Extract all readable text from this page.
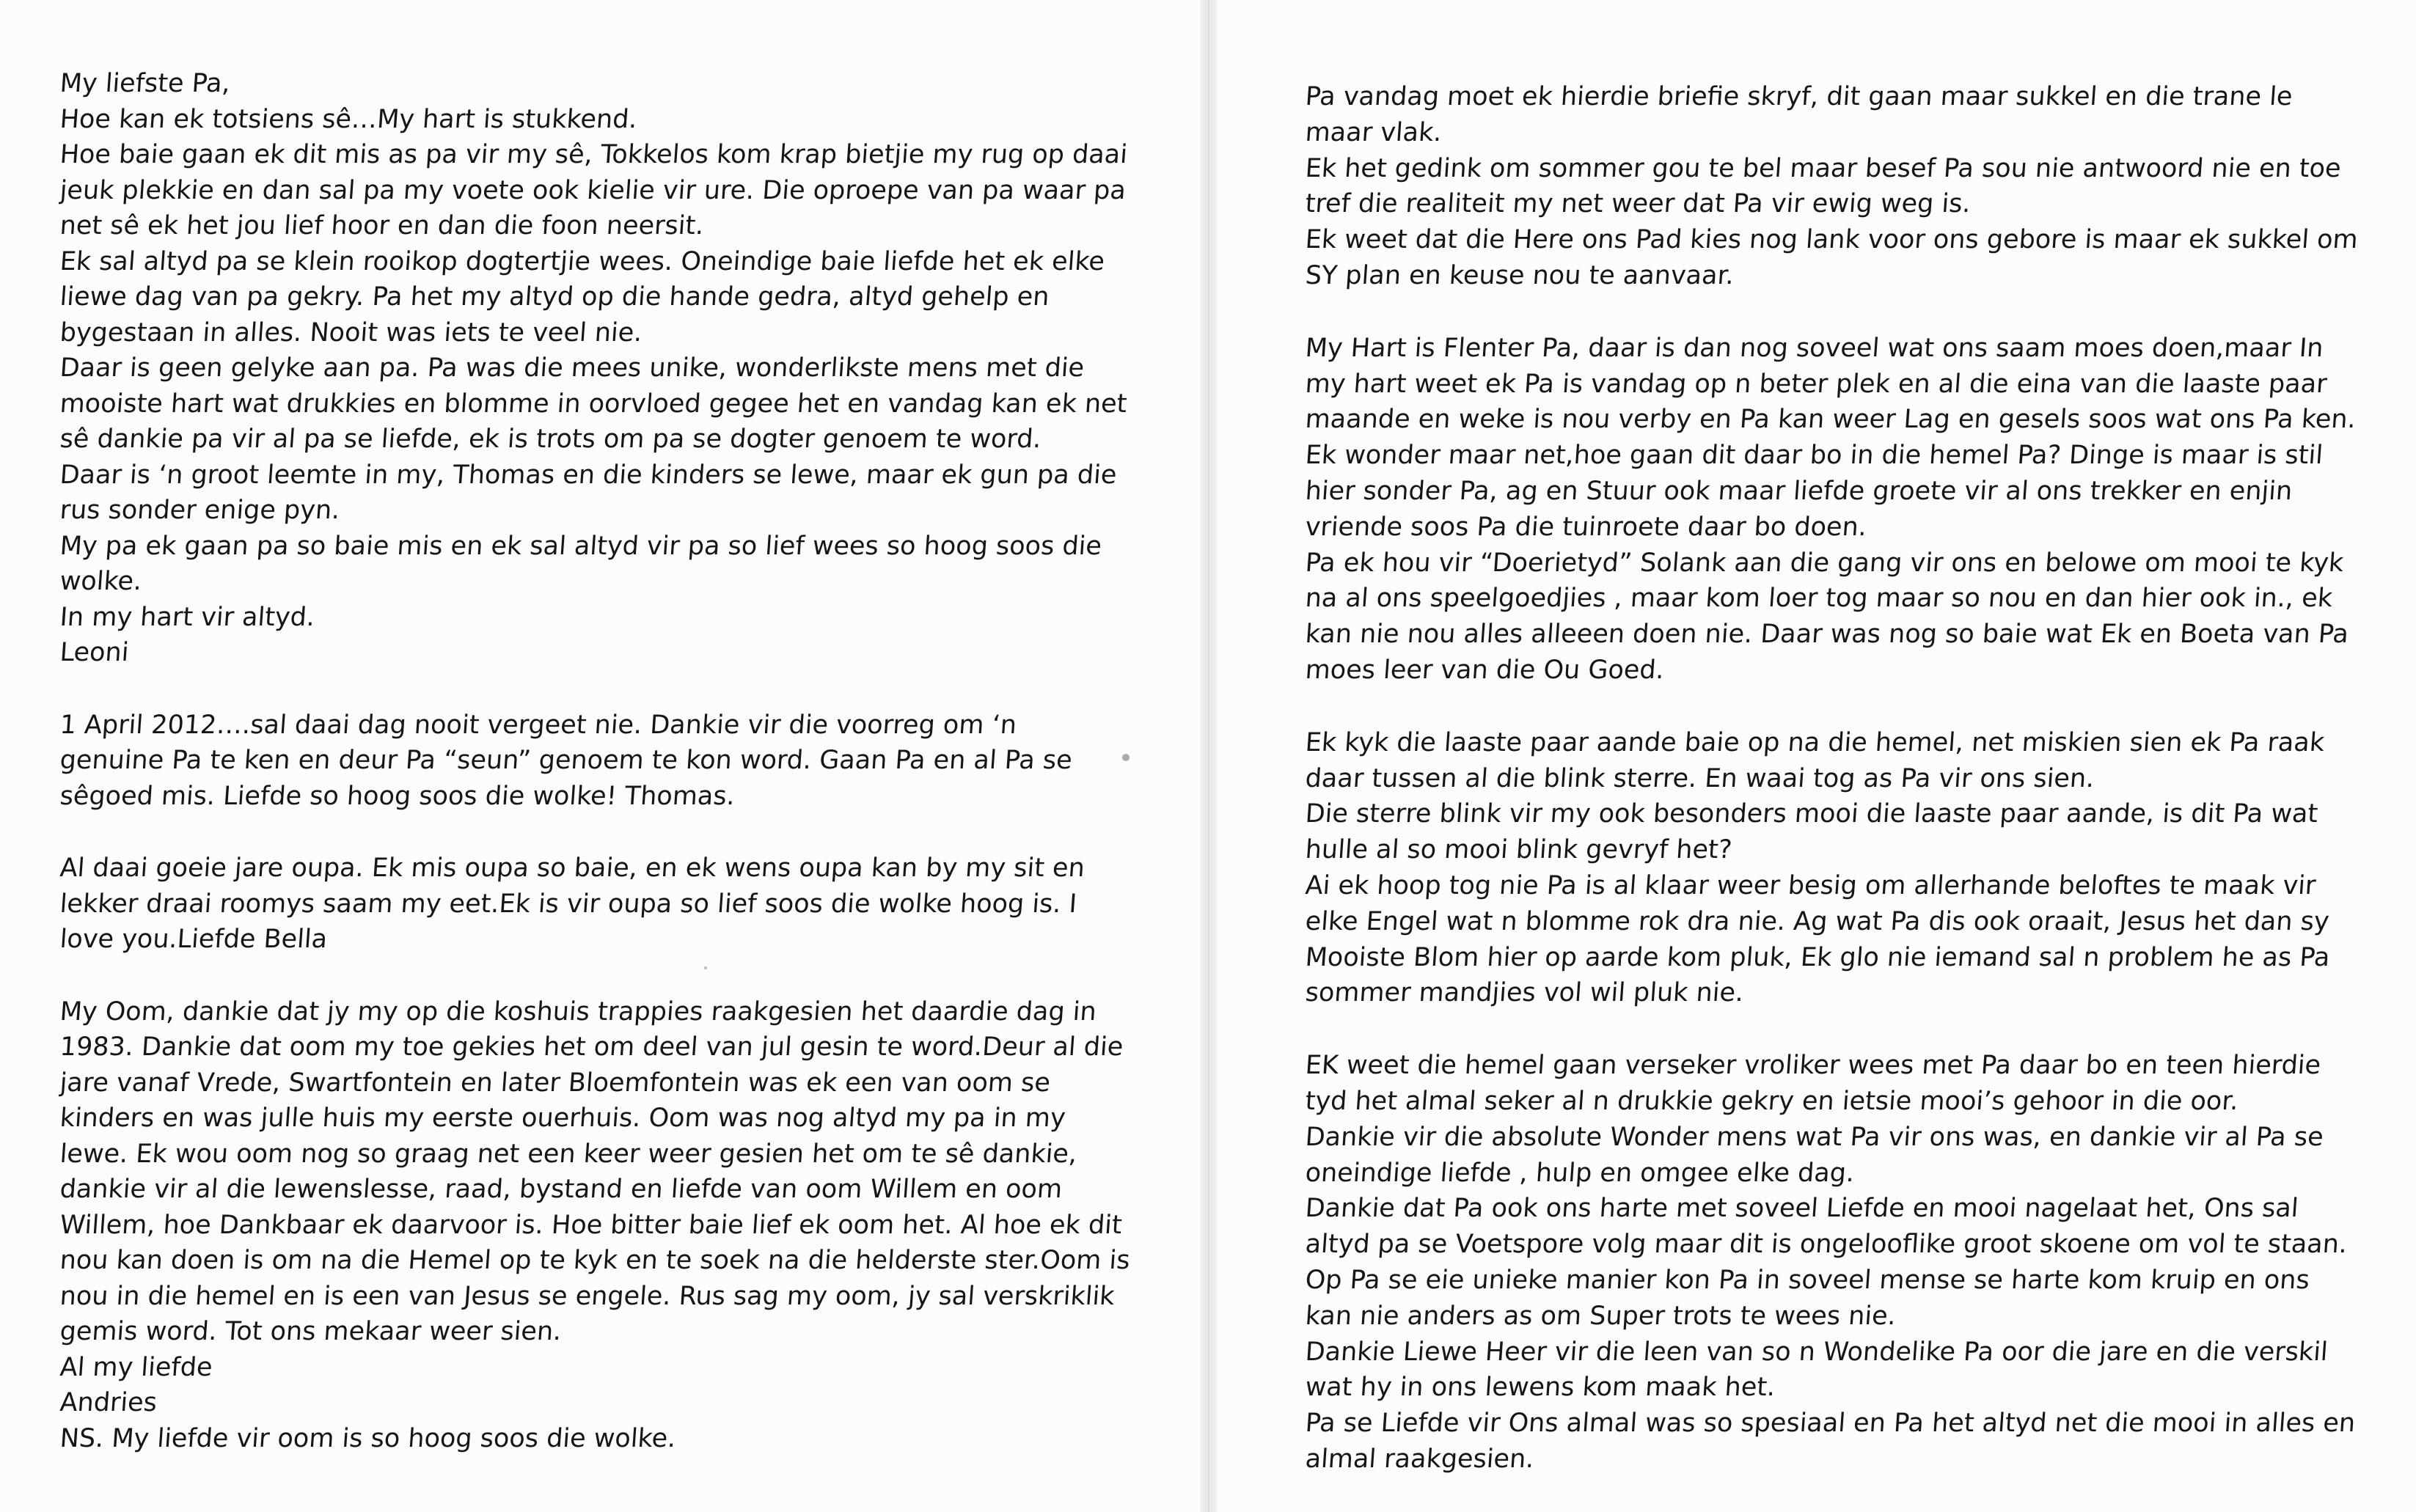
My liefste Pa,
Hoe kan ek totsiens sê…My hart is stukkend.
Hoe baie gaan ek dit mis as pa vir my sê, Tokkelos kom krap bietjie my rug op daai
jeuk plekkie en dan sal pa my voete ook kielie vir ure. Die oproepe van pa waar pa
net sê ek het jou lief hoor en dan die foon neersit.
Ek sal altyd pa se klein rooikop dogtertjie wees. Oneindige baie liefde het ek elke
liewe dag van pa gekry. Pa het my altyd op die hande gedra, altyd gehelp en
bygestaan in alles. Nooit was iets te veel nie.
Daar is geen gelyke aan pa. Pa was die mees unike, wonderlikste mens met die
mooiste hart wat drukkies en blomme in oorvloed gegee het en vandag kan ek net
sê dankie pa vir al pa se liefde, ek is trots om pa se dogter genoem te word.
Daar is ‘n groot leemte in my, Thomas en die kinders se lewe, maar ek gun pa die
rus sonder enige pyn.
My pa ek gaan pa so baie mis en ek sal altyd vir pa so lief wees so hoog soos die
wolke.
In my hart vir altyd.
Leoni
1 April 2012….sal daai dag nooit vergeet nie. Dankie vir die voorreg om ‘n
genuine Pa te ken en deur Pa “seun” genoem te kon word. Gaan Pa en al Pa se
sêgoed mis. Liefde so hoog soos die wolke! Thomas.
Al daai goeie jare oupa. Ek mis oupa so baie, en ek wens oupa kan by my sit en
lekker draai roomys saam my eet.Ek is vir oupa so lief soos die wolke hoog is. I
love you.Liefde Bella
My Oom, dankie dat jy my op die koshuis trappies raakgesien het daardie dag in
1983. Dankie dat oom my toe gekies het om deel van jul gesin te word.Deur al die
jare vanaf Vrede, Swartfontein en later Bloemfontein was ek een van oom se
kinders en was julle huis my eerste ouerhuis. Oom was nog altyd my pa in my
lewe. Ek wou oom nog so graag net een keer weer gesien het om te sê dankie,
dankie vir al die lewenslesse, raad, bystand en liefde van oom Willem en oom
Willem, hoe Dankbaar ek daarvoor is. Hoe bitter baie lief ek oom het. Al hoe ek dit
nou kan doen is om na die Hemel op te kyk en te soek na die helderste ster.Oom is
nou in die hemel en is een van Jesus se engele. Rus sag my oom, jy sal verskriklik
gemis word. Tot ons mekaar weer sien.
Al my liefde
Andries
NS. My liefde vir oom is so hoog soos die wolke.
Pa vandag moet ek hierdie briefie skryf, dit gaan maar sukkel en die trane le
maar vlak.
Ek het gedink om sommer gou te bel maar besef Pa sou nie antwoord nie en toe
tref die realiteit my net weer dat Pa vir ewig weg is.
Ek weet dat die Here ons Pad kies nog lank voor ons gebore is maar ek sukkel om
SY plan en keuse nou te aanvaar.
My Hart is Flenter Pa, daar is dan nog soveel wat ons saam moes doen,maar In
my hart weet ek Pa is vandag op n beter plek en al die eina van die laaste paar
maande en weke is nou verby en Pa kan weer Lag en gesels soos wat ons Pa ken.
Ek wonder maar net,hoe gaan dit daar bo in die hemel Pa? Dinge is maar is stil
hier sonder Pa, ag en Stuur ook maar liefde groete vir al ons trekker en enjin
vriende soos Pa die tuinroete daar bo doen.
Pa ek hou vir “Doerietyd” Solank aan die gang vir ons en belowe om mooi te kyk
na al ons speelgoedjies , maar kom loer tog maar so nou en dan hier ook in., ek
kan nie nou alles alleeen doen nie. Daar was nog so baie wat Ek en Boeta van Pa
moes leer van die Ou Goed.
Ek kyk die laaste paar aande baie op na die hemel, net miskien sien ek Pa raak
daar tussen al die blink sterre. En waai tog as Pa vir ons sien.
Die sterre blink vir my ook besonders mooi die laaste paar aande, is dit Pa wat
hulle al so mooi blink gevryf het?
Ai ek hoop tog nie Pa is al klaar weer besig om allerhande beloftes te maak vir
elke Engel wat n blomme rok dra nie. Ag wat Pa dis ook oraait, Jesus het dan sy
Mooiste Blom hier op aarde kom pluk, Ek glo nie iemand sal n problem he as Pa
sommer mandjies vol wil pluk nie.
EK weet die hemel gaan verseker vroliker wees met Pa daar bo en teen hierdie
tyd het almal seker al n drukkie gekry en ietsie mooi’s gehoor in die oor.
Dankie vir die absolute Wonder mens wat Pa vir ons was, en dankie vir al Pa se
oneindige liefde , hulp en omgee elke dag.
Dankie dat Pa ook ons harte met soveel Liefde en mooi nagelaat het, Ons sal
altyd pa se Voetspore volg maar dit is ongelooflike groot skoene om vol te staan.
Op Pa se eie unieke manier kon Pa in soveel mense se harte kom kruip en ons
kan nie anders as om Super trots te wees nie.
Dankie Liewe Heer vir die leen van so n Wondelike Pa oor die jare en die verskil
wat hy in ons lewens kom maak het.
Pa se Liefde vir Ons almal was so spesiaal en Pa het altyd net die mooi in alles en
almal raakgesien.
